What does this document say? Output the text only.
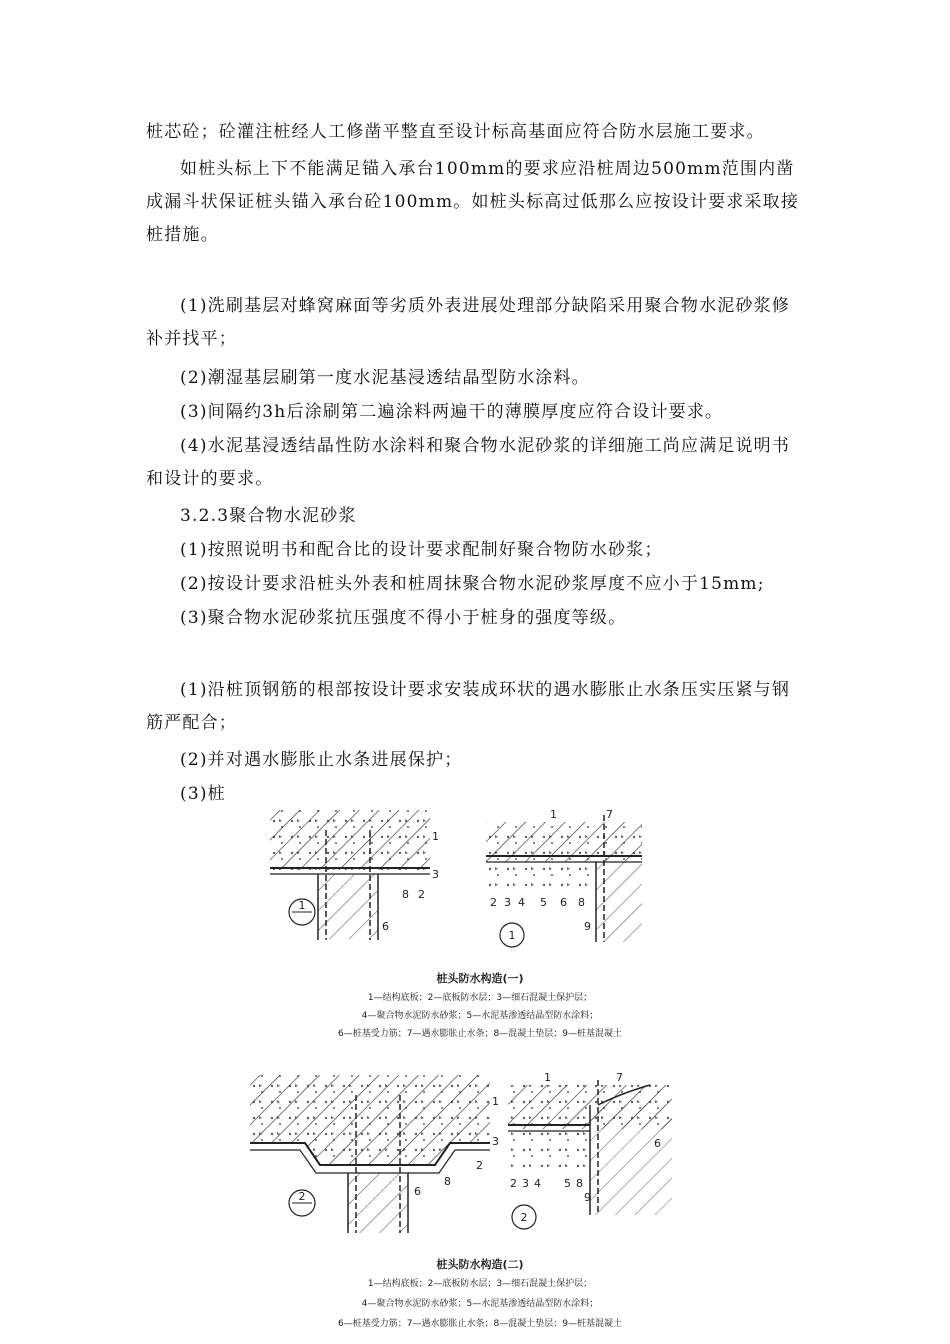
桩芯砼；砼灌注桩经人工修凿平整直至设计标高基面应符合防水层施工要求。

如桩头标上下不能满足锚入承台100mm的要求应沿桩周边500mm范围内凿成漏斗状保证桩头锚入承台砼100mm。如桩头标高过低那么应按设计要求采取接桩措施。

(1)洗刷基层对蜂窝麻面等劣质外表进展处理部分缺陷采用聚合物水泥砂浆修补并找平；

(2)潮湿基层刷第一度水泥基浸透结晶型防水涂料。

(3)间隔约3h后涂刷第二遍涂料两遍干的薄膜厚度应符合设计要求。

(4)水泥基浸透结晶性防水涂料和聚合物水泥砂浆的详细施工尚应满足说明书和设计的要求。

3.2.3聚合物水泥砂浆

(1)按照说明书和配合比的设计要求配制好聚合物防水砂浆；

(2)按设计要求沿桩头外表和桩周抹聚合物水泥砂浆厚度不应小于15mm;

(3)聚合物水泥砂浆抗压强度不得小于桩身的强度等级。

(1)沿桩顶钢筋的根部按设计要求安装成环状的遇水膨胀止水条压实压紧与钢筋严配合；

(2)并对遇水膨胀止水条进展保护；

(3)桩

1
1
3
8 2
6
1	7
2 3 4 5 6 8
9
1
桩头防水构造(一)
1—结构底板；2—底板防水层；3—细石混凝土保护层；
4—聚合物水泥防水砂浆；5—水泥基渗透结晶型防水涂料；
6—桩基受力筋；7—遇水膨胀止水条；8—混凝土垫层；9—桩基混凝土
2
1
3
2
8
6
1	7
6
2 3 4 5 8
9
2
桩头防水构造(二)
1—结构底板；2—底板防水层；3—细石混凝土保护层；
4—聚合物水泥防水砂浆；5—水泥基渗透结晶型防水涂料；
6—桩基受力筋；7—遇水膨胀止水条；8—混凝土垫层；9—桩基混凝土
